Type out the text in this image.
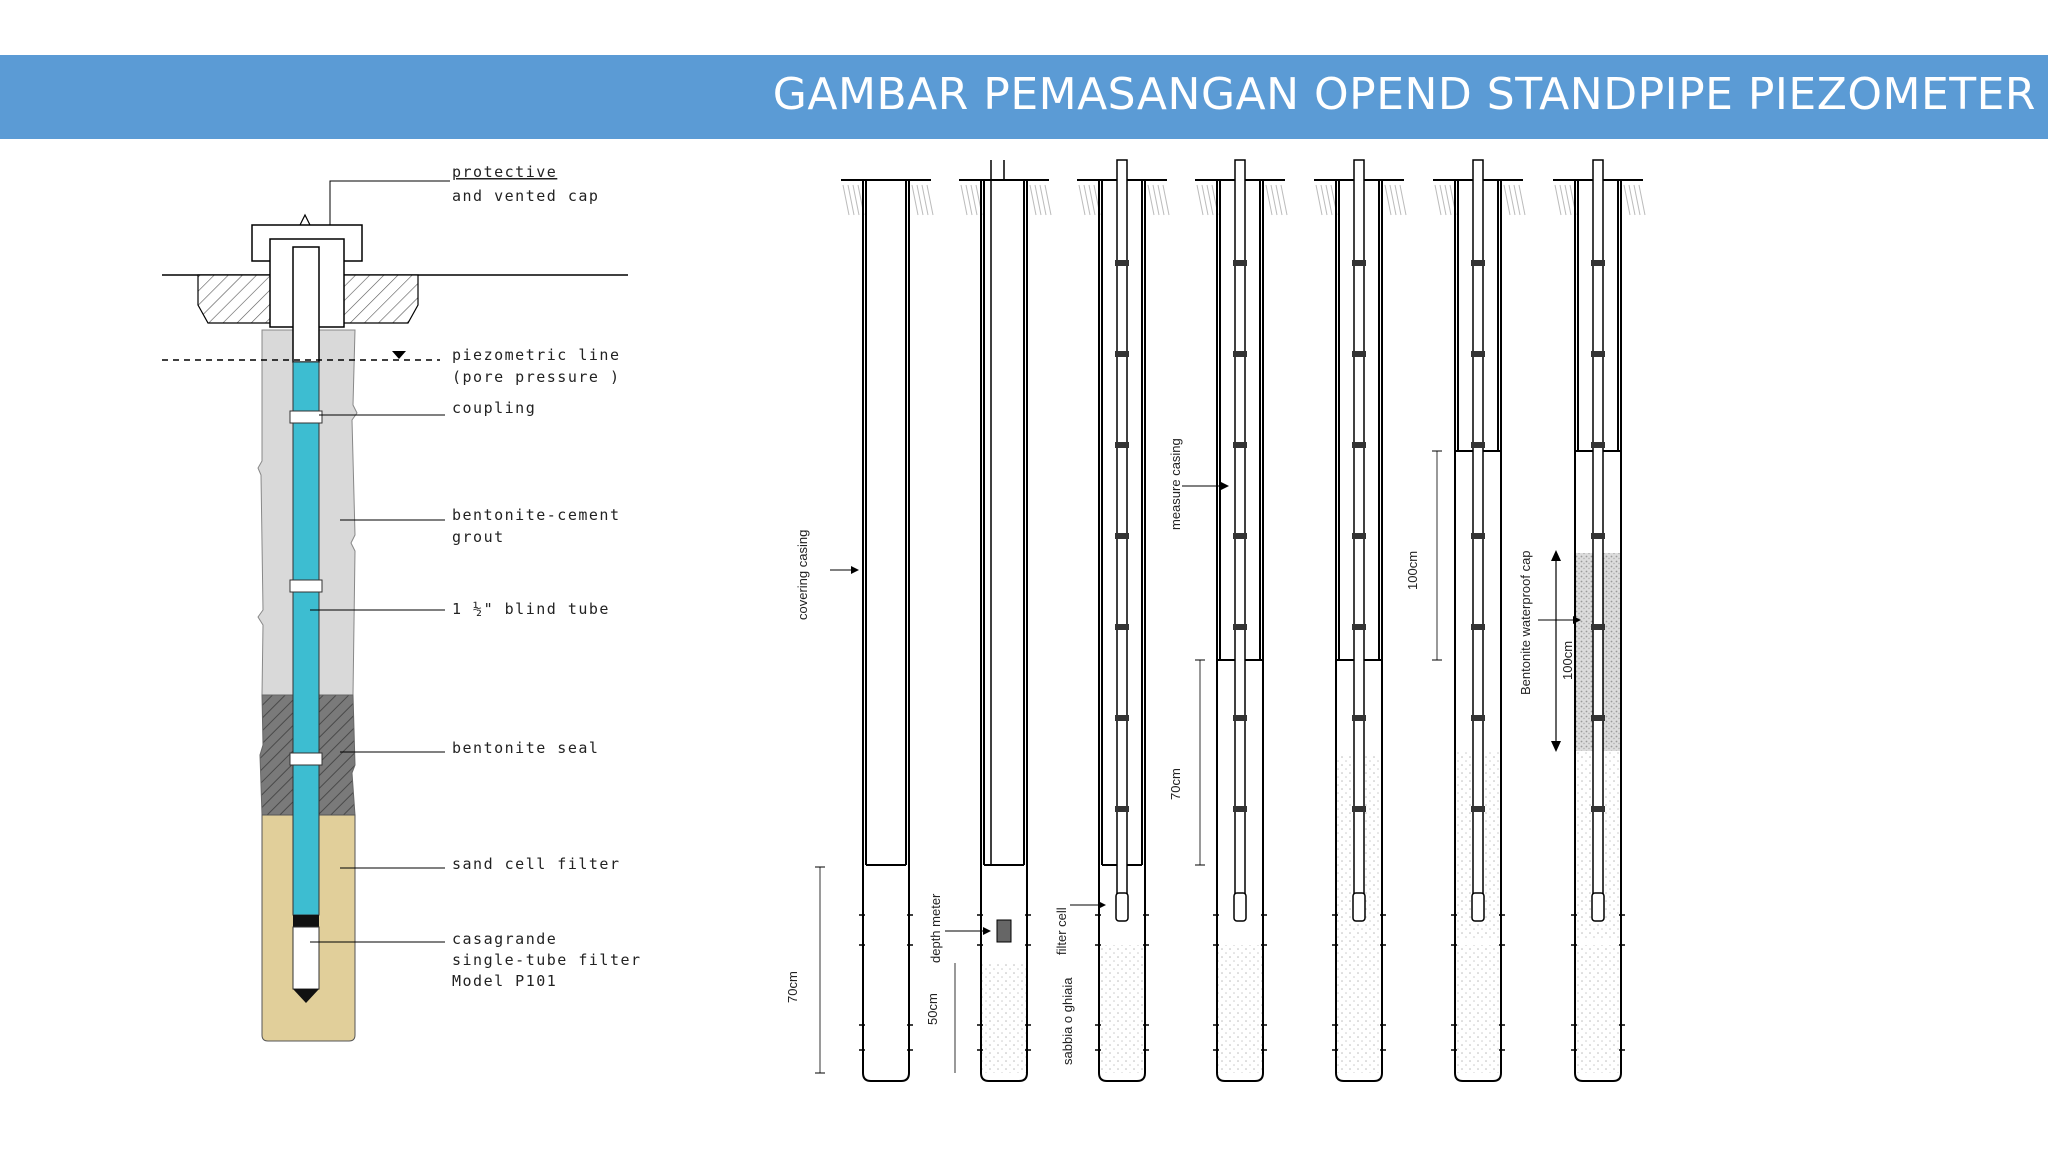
GAMBAR PEMASANGAN OPEND STANDPIPE PIEZOMETER
protective
and vented cap
piezometric line
(pore pressure )
coupling
bentonite-cement
grout
1 ½" blind tube
bentonite seal
sand cell filter
casagrande
single-tube filter
Model P101
covering casing
70cm
depth meter
50cm
filter cell
sabbia o ghiaia
measure casing
70cm
100cm	Bentonite waterproof cap 100cm
